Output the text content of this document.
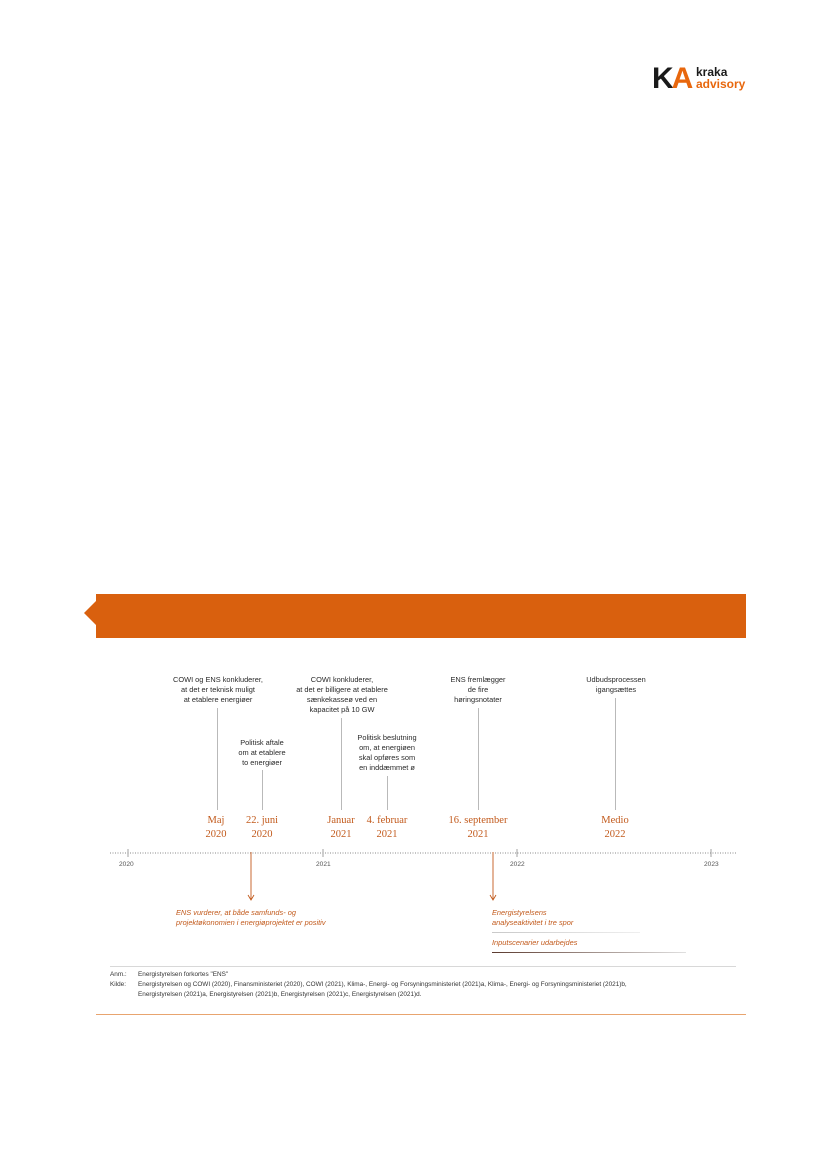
KA kraka
advisory
COWI og ENS konkluderer,
at det er teknisk muligt
at etablere energiøer
Maj
2020
Politisk aftale
om at etablere
to energiøer
22. juni
2020
COWI konkluderer,
at det er billigere at etablere
sænkekasseø ved en
kapacitet på 10 GW
Januar
2021
Politisk beslutning
om, at energiøen
skal opføres som
en inddæmmet ø
4. februar
2021
ENS fremlægger
de fire
høringsnotater
16. september
2021
Udbudsprocessen
igangsættes
Medio
2022
2020	2021	2022	2023
ENS vurderer, at både samfunds- og
projektøkonomien i energiøprojektet er positiv
Energistyrelsens
analyseaktivitet i tre spor
Inputscenarier udarbejdes
Anm.: Energistyrelsen forkortes "ENS"
Kilde: Energistyrelsen og COWI (2020), Finansministeriet (2020), COWI (2021), Klima-, Energi- og Forsyningsministeriet (2021)a, Klima-, Energi- og Forsyningsministeriet (2021)b,
Energistyrelsen (2021)a, Energistyrelsen (2021)b, Energistyrelsen (2021)c, Energistyrelsen (2021)d.
